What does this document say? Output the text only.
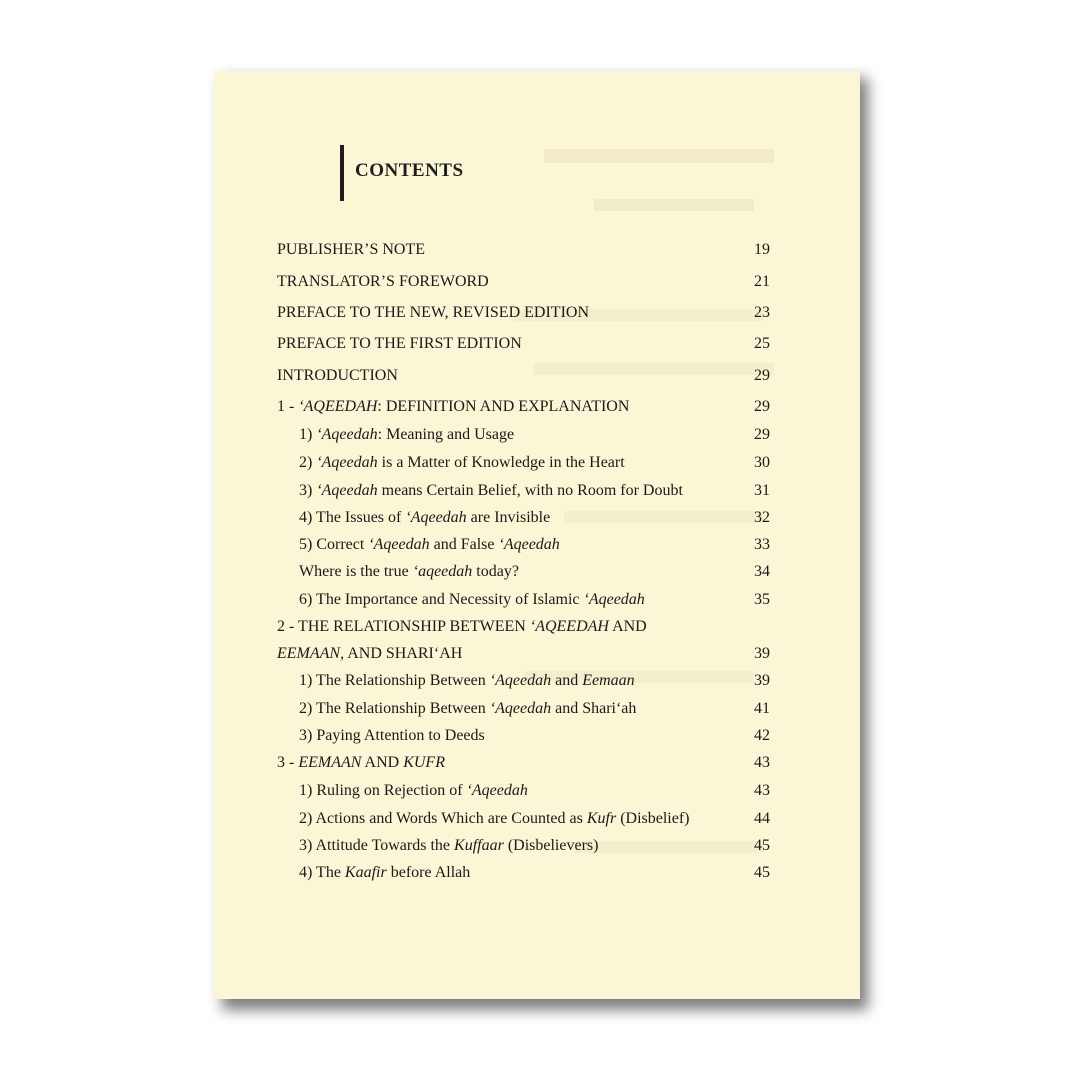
CONTENTS
PUBLISHER’S NOTE	19
TRANSLATOR’S FOREWORD	21
PREFACE TO THE NEW, REVISED EDITION	23
PREFACE TO THE FIRST EDITION	25
INTRODUCTION	29
1 - ‘AQEEDAH: DEFINITION AND EXPLANATION	29
1) ‘Aqeedah: Meaning and Usage	29
2) ‘Aqeedah is a Matter of Knowledge in the Heart	30
3) ‘Aqeedah means Certain Belief, with no Room for Doubt	31
4) The Issues of ‘Aqeedah are Invisible	32
5) Correct ‘Aqeedah and False ‘Aqeedah	33
Where is the true ‘aqeedah today?	34
6) The Importance and Necessity of Islamic ‘Aqeedah	35
2 - THE RELATIONSHIP BETWEEN ‘AQEEDAH AND
EEMAAN, AND SHARI‘AH	39
1) The Relationship Between ‘Aqeedah and Eemaan	39
2) The Relationship Between ‘Aqeedah and Shari‘ah	41
3) Paying Attention to Deeds	42
3 - EEMAAN AND KUFR	43
1) Ruling on Rejection of ‘Aqeedah	43
2) Actions and Words Which are Counted as Kufr (Disbelief)	44
3) Attitude Towards the Kuffaar (Disbelievers)	45
4) The Kaafir before Allah	45
